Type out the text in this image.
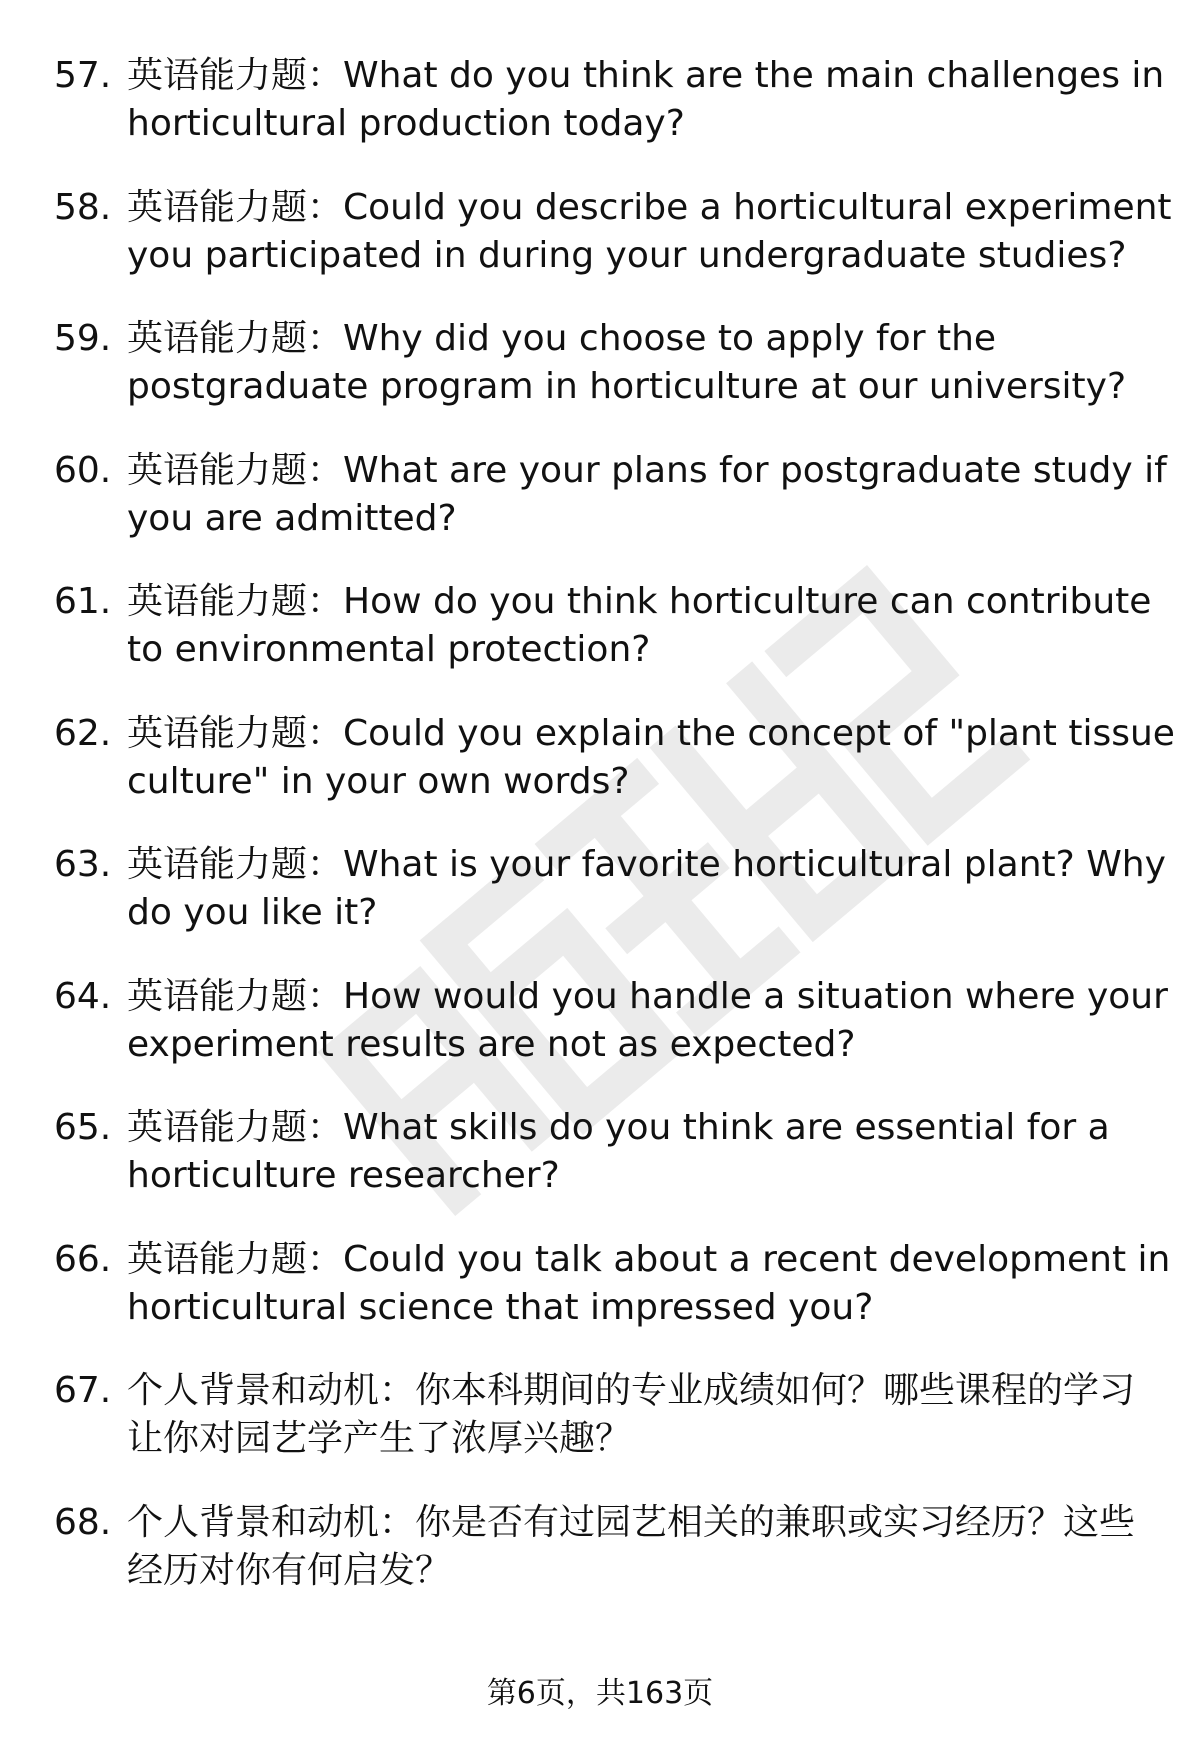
57. 英语能力题：What do you think are the main challenges in
horticultural production today?
58. 英语能力题：Could you describe a horticultural experiment
you participated in during your undergraduate studies?
59. 英语能力题：Why did you choose to apply for the
postgraduate program in horticulture at our university?
60. 英语能力题：What are your plans for postgraduate study if
you are admitted?
61. 英语能力题：How do you think horticulture can contribute
to environmental protection?
62. 英语能力题：Could you explain the concept of "plant tissue
culture" in your own words?
63. 英语能力题：What is your favorite horticultural plant? Why
do you like it?
64. 英语能力题：How would you handle a situation where your
experiment results are not as expected?
65. 英语能力题：What skills do you think are essential for a
horticulture researcher?
66. 英语能力题：Could you talk about a recent development in
horticultural science that impressed you?
67. 个人背景和动机：你本科期间的专业成绩如何？哪些课程的学习
让你对园艺学产生了浓厚兴趣？
68. 个人背景和动机：你是否有过园艺相关的兼职或实习经历？这些
经历对你有何启发？
第6页，共163页
